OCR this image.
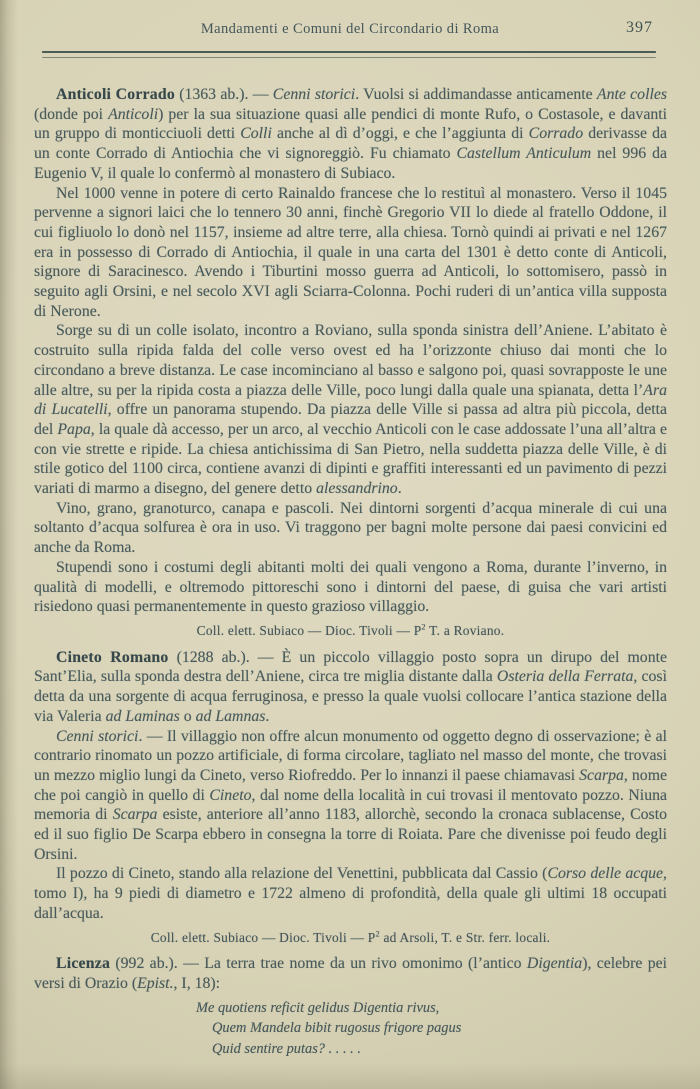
Mandamenti e Comuni del Circondario di Roma	397

Anticoli Corrado (1363 ab.). — Cenni storici. Vuolsi si addimandasse anticamente Ante colles (donde poi Anticoli) per la sua situazione quasi alle pendici di monte Rufo, o Costasole, e davanti un gruppo di monticciuoli detti Colli anche al dì d’oggi, e che l’aggiunta di Corrado derivasse da un conte Corrado di Antiochia che vi signoreggiò. Fu chiamato Castellum Anticulum nel 996 da Eugenio V, il quale lo confermò al monastero di Subiaco.

Nel 1000 venne in potere di certo Rainaldo francese che lo restituì al monastero. Verso il 1045 pervenne a signori laici che lo tennero 30 anni, finchè Gregorio VII lo diede al fratello Oddone, il cui figliuolo lo donò nel 1157, insieme ad altre terre, alla chiesa. Tornò quindi ai privati e nel 1267 era in possesso di Corrado di Antiochia, il quale in una carta del 1301 è detto conte di Anticoli, signore di Saracinesco. Avendo i Tiburtini mosso guerra ad Anticoli, lo sottomisero, passò in seguito agli Orsini, e nel secolo XVI agli Sciarra-Colonna. Pochi ruderi di un’antica villa supposta di Nerone.

Sorge su di un colle isolato, incontro a Roviano, sulla sponda sinistra dell’Aniene. L’abitato è costruito sulla ripida falda del colle verso ovest ed ha l’orizzonte chiuso dai monti che lo circondano a breve distanza. Le case incominciano al basso e salgono poi, quasi sovrapposte le une alle altre, su per la ripida costa a piazza delle Ville, poco lungi dalla quale una spianata, detta l’Ara di Lucatelli, offre un panorama stupendo. Da piazza delle Ville si passa ad altra più piccola, detta del Papa, la quale dà accesso, per un arco, al vecchio Anticoli con le case addossate l’una all’altra e con vie strette e ripide. La chiesa antichissima di San Pietro, nella suddetta piazza delle Ville, è di stile gotico del 1100 circa, contiene avanzi di dipinti e graffiti interessanti ed un pavimento di pezzi variati di marmo a disegno, del genere detto alessandrino.

Vino, grano, granoturco, canapa e pascoli. Nei dintorni sorgenti d’acqua minerale di cui una soltanto d’acqua solfurea è ora in uso. Vi traggono per bagni molte persone dai paesi convicini ed anche da Roma.

Stupendi sono i costumi degli abitanti molti dei quali vengono a Roma, durante l’inverno, in qualità di modelli, e oltremodo pittoreschi sono i dintorni del paese, di guisa che vari artisti risiedono quasi permanentemente in questo grazioso villaggio.

Coll. elett. Subiaco — Dioc. Tivoli — $P^2$ T. a Roviano.

Cineto Romano (1288 ab.). — È un piccolo villaggio posto sopra un dirupo del monte Sant’Elia, sulla sponda destra dell’Aniene, circa tre miglia distante dalla Osteria della Ferrata, così detta da una sorgente di acqua ferruginosa, e presso la quale vuolsi collocare l’antica stazione della via Valeria ad Laminas o ad Lamnas.

Cenni storici. — Il villaggio non offre alcun monumento od oggetto degno di osservazione; è al contrario rinomato un pozzo artificiale, di forma circolare, tagliato nel masso del monte, che trovasi un mezzo miglio lungi da Cineto, verso Riofreddo. Per lo innanzi il paese chiamavasi Scarpa, nome che poi cangiò in quello di Cineto, dal nome della località in cui trovasi il mentovato pozzo. Niuna memoria di Scarpa esiste, anteriore all’anno 1183, allorchè, secondo la cronaca sublacense, Costo ed il suo figlio De Scarpa ebbero in consegna la torre di Roiata. Pare che divenisse poi feudo degli Orsini.

Il pozzo di Cineto, stando alla relazione del Venettini, pubblicata dal Cassio (Corso delle acque, tomo I), ha 9 piedi di diametro e 1722 almeno di profondità, della quale gli ultimi 18 occupati dall’acqua.

Coll. elett. Subiaco — Dioc. Tivoli — $P^2$ ad Arsoli, T. e Str. ferr. locali.

Licenza (992 ab.). — La terra trae nome da un rivo omonimo (l’antico Digentia), celebre pei versi di Orazio (Epist., I, 18):

Me quotiens reficit gelidus Digentia rivus,
Quem Mandela bibit rugosus frigore pagus
Quid sentire putas? . . . . .
